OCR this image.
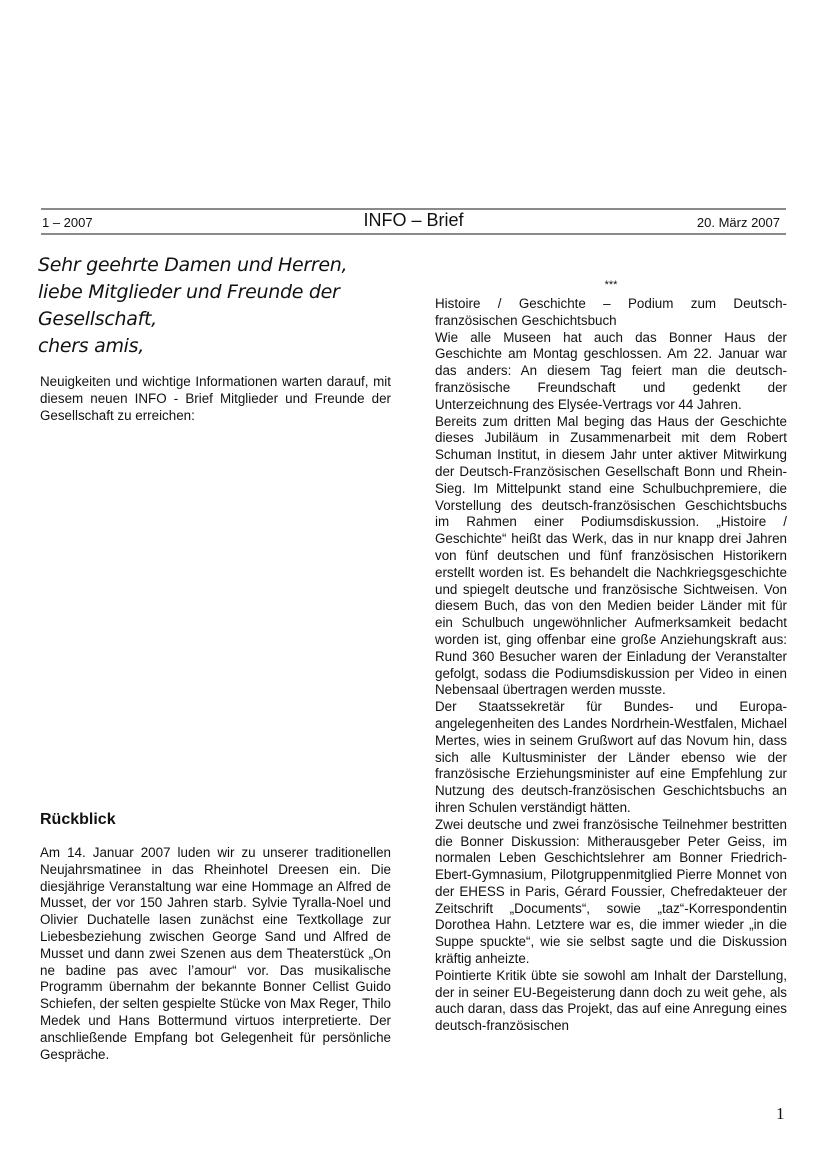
1 – 2007	INFO – Brief	20. März 2007
Sehr geehrte Damen und Herren,
liebe Mitglieder und Freunde der
Gesellschaft,
chers amis,

Neuigkeiten und wichtige Informationen warten darauf, mit diesem neuen INFO - Brief Mitglieder und Freunde der Gesellschaft zu erreichen:

Rückblick

Am 14. Januar 2007 luden wir zu unserer traditionellen Neujahrsmatinee in das Rheinhotel Dreesen ein. Die diesjährige Veranstaltung war eine Hommage an Alfred de Musset, der vor 150 Jahren starb. Sylvie Tyralla-Noel und Olivier Duchatelle lasen zunächst eine Textkollage zur Liebesbeziehung zwischen George Sand und Alfred de Musset und dann zwei Szenen aus dem Theaterstück „On ne badine pas avec l’amour“ vor. Das musikalische Programm übernahm der bekannte Bonner Cellist Guido Schiefen, der selten gespielte Stücke von Max Reger, Thilo Medek und Hans Bottermund virtuos interpretierte. Der anschließende Empfang bot Gelegenheit für persönliche Gespräche.

***

Histoire / Geschichte – Podium zum Deutsch-französischen Geschichtsbuch

Wie alle Museen hat auch das Bonner Haus der Geschichte am Montag geschlossen. Am 22. Januar war das anders: An diesem Tag feiert man die deutsch-französische Freundschaft und gedenkt der Unterzeichnung des Elysée-Vertrags vor 44 Jahren.

Bereits zum dritten Mal beging das Haus der Geschichte dieses Jubiläum in Zusammenarbeit mit dem Robert Schuman Institut, in diesem Jahr unter aktiver Mitwirkung der Deutsch-Französischen Gesellschaft Bonn und Rhein-Sieg. Im Mittelpunkt stand eine Schulbuchpremiere, die Vorstellung des deutsch-französischen Geschichtsbuchs im Rahmen einer Podiumsdiskussion. „Histoire / Geschichte“ heißt das Werk, das in nur knapp drei Jahren von fünf deutschen und fünf französischen Historikern erstellt worden ist. Es behandelt die Nachkriegsgeschichte und spiegelt deutsche und französische Sichtweisen. Von diesem Buch, das von den Medien beider Länder mit für ein Schulbuch ungewöhnlicher Aufmerksamkeit bedacht worden ist, ging offenbar eine große Anziehungskraft aus: Rund 360 Besucher waren der Einladung der Veranstalter gefolgt, sodass die Podiumsdiskussion per Video in einen Nebensaal übertragen werden musste.

Der Staatssekretär für Bundes- und Europa-angelegenheiten des Landes Nordrhein-Westfalen, Michael Mertes, wies in seinem Grußwort auf das Novum hin, dass sich alle Kultusminister der Länder ebenso wie der französische Erziehungsminister auf eine Empfehlung zur Nutzung des deutsch-französischen Geschichtsbuchs an ihren Schulen verständigt hätten.

Zwei deutsche und zwei französische Teilnehmer bestritten die Bonner Diskussion: Mitherausgeber Peter Geiss, im normalen Leben Geschichtslehrer am Bonner Friedrich-Ebert-Gymnasium, Pilotgruppenmitglied Pierre Monnet von der EHESS in Paris, Gérard Foussier, Chefredakteuer der Zeitschrift „Documents“, sowie „taz“-Korrespondentin Dorothea Hahn. Letztere war es, die immer wieder „in die Suppe spuckte“, wie sie selbst sagte und die Diskussion kräftig anheizte.

Pointierte Kritik übte sie sowohl am Inhalt der Darstellung, der in seiner EU-Begeisterung dann doch zu weit gehe, als auch daran, dass das Projekt, das auf eine Anregung eines deutsch-französischen

1
